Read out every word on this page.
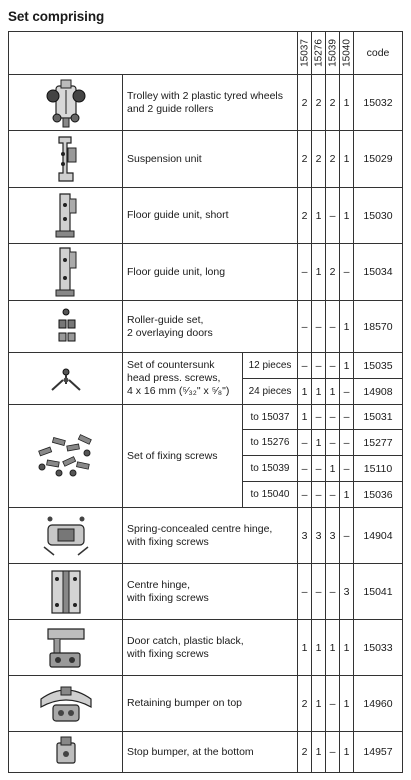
Set comprising

			15037	15276	15039	15040	code

Trolley with 2 plastic tyred wheels
and 2 guide rollers		2	2	2	1	15032

Suspension unit		2	2	2	1	15029

Floor guide unit, short		2	1	–	1	15030

Floor guide unit, long		–	1	2	–	15034

Roller-guide set,
2 overlaying doors		–	–	–	1	18570

Set of countersunk
head press. screws,
4 x 16 mm (⁵⁄₃₂" x ⁵⁄₈")	12 pieces	–	–	–	1	15035
		24 pieces	1	1	1	–	14908

Set of fixing screws	to 15037	1	–	–	–	15031
		to 15276	–	1	–	–	15277
		to 15039	–	–	1	–	15110
		to 15040	–	–	–	1	15036

Spring-concealed centre hinge,
with fixing screws		3	3	3	–	14904

Centre hinge,
with fixing screws		–	–	–	3	15041

Door catch, plastic black,
with fixing screws		1	1	1	1	15033

Retaining bumper on top		2	1	–	1	14960

Stop bumper, at the bottom		2	1	–	1	14957
